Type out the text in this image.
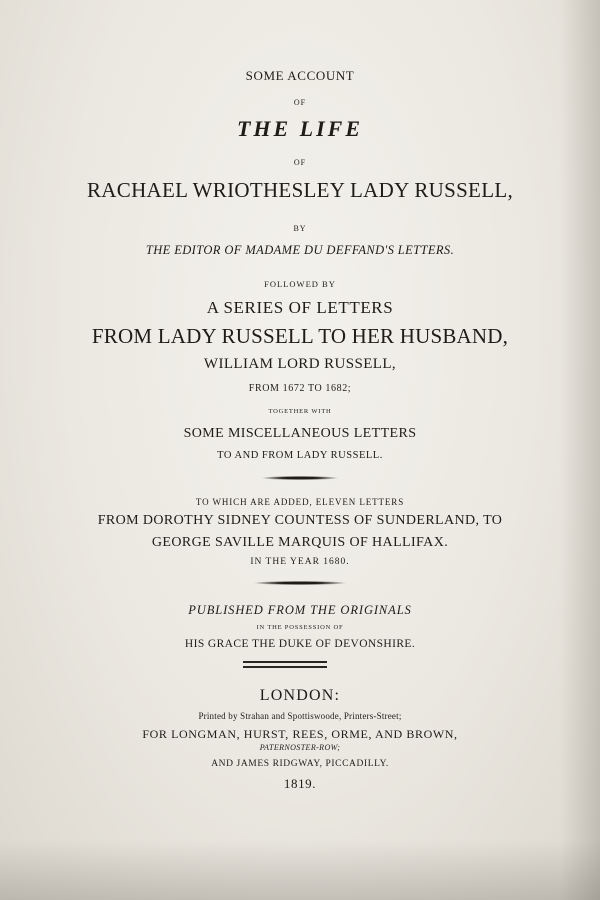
SOME ACCOUNT
OF
THE LIFE
OF
RACHAEL WRIOTHESLEY LADY RUSSELL,
BY
THE EDITOR OF MADAME DU DEFFAND'S LETTERS.
FOLLOWED BY
A SERIES OF LETTERS
FROM LADY RUSSELL TO HER HUSBAND,
WILLIAM LORD RUSSELL,
FROM 1672 TO 1682;
TOGETHER WITH
SOME MISCELLANEOUS LETTERS
TO AND FROM LADY RUSSELL.
TO WHICH ARE ADDED, ELEVEN LETTERS
FROM DOROTHY SIDNEY COUNTESS OF SUNDERLAND, TO
GEORGE SAVILLE MARQUIS OF HALLIFAX.
IN THE YEAR 1680.
PUBLISHED FROM THE ORIGINALS
IN THE POSSESSION OF
HIS GRACE THE DUKE OF DEVONSHIRE.
LONDON:
Printed by Strahan and Spottiswoode, Printers-Street;
FOR LONGMAN, HURST, REES, ORME, AND BROWN,
PATERNOSTER-ROW;
AND JAMES RIDGWAY, PICCADILLY.
1819.
